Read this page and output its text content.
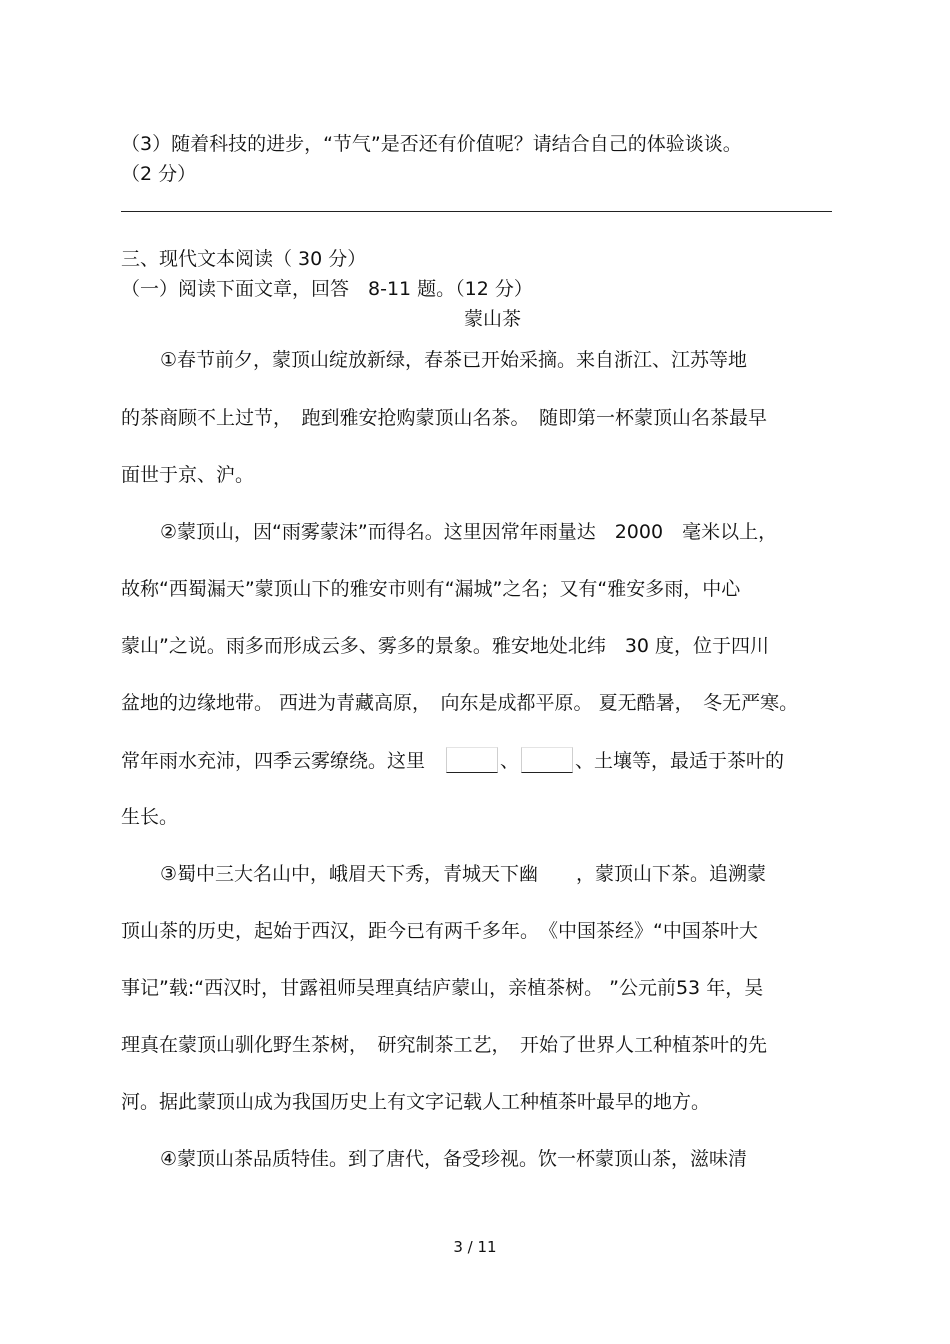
（3）随着科技的进步，“节气”是否还有价值呢？请结合自己的体验谈谈。
（2 分）
三、现代文本阅读（ 30 分）
（一）阅读下面文章，回答　8-11 题。（12 分）
蒙山茶
①春节前夕，蒙顶山绽放新绿，春茶已开始采摘。来自浙江、江苏等地
的茶商顾不上过节，　跑到雅安抢购蒙顶山名茶。　随即第一杯蒙顶山名茶最早
面世于京、沪。
②蒙顶山，因“雨雾蒙沫”而得名。这里因常年雨量达　2000　毫米以上，
故称“西蜀漏天”蒙顶山下的雅安市则有“漏城”之名；又有“雅安多雨，中心
蒙山”之说。雨多而形成云多、雾多的景象。雅安地处北纬　30 度，位于四川
盆地的边缘地带。 西进为青藏高原，　向东是成都平原。 夏无酷暑，　冬无严寒。
常年雨水充沛，四季云雾缭绕。这里　	、	、土壤等，最适于茶叶的
生长。
③蜀中三大名山中，峨眉天下秀，青城天下幽　　，蒙顶山下茶。追溯蒙
顶山茶的历史，起始于西汉，距今已有两千多年。　《中国茶经》“中国茶叶大
事记”载:“西汉时，甘露祖师吴理真结庐蒙山，亲植茶树。 ”公元前53 年，吴
理真在蒙顶山驯化野生茶树，　研究制茶工艺，　开始了世界人工种植茶叶的先
河。据此蒙顶山成为我国历史上有文字记载人工种植茶叶最早的地方。
④蒙顶山茶品质特佳。到了唐代，备受珍视。饮一杯蒙顶山茶，滋味清
3 / 11
